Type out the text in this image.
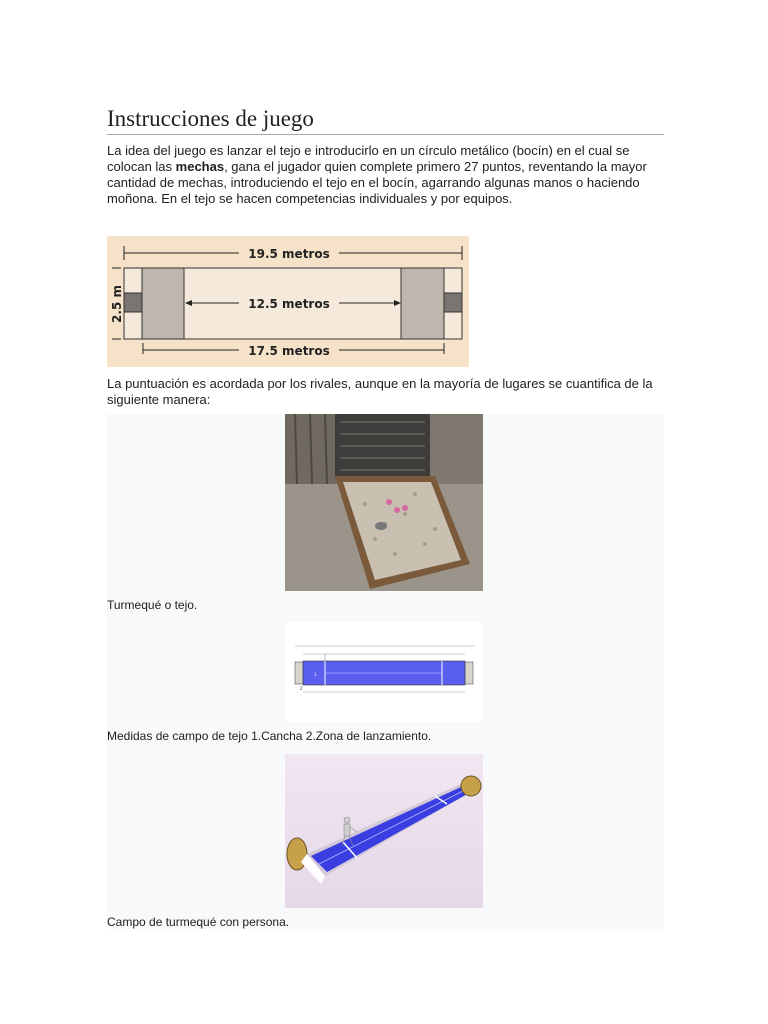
Instrucciones de juego

La idea del juego es lanzar el tejo e introducirlo en un círculo metálico (bocín) en el cual se colocan las mechas, gana el jugador quien complete primero 27 puntos, reventando la mayor cantidad de mechas, introduciendo el tejo en el bocín, agarrando algunas manos o haciendo moñona. En el tejo se hacen competencias individuales y por equipos.

19.5 metros
12.5 metros
17.5 metros
2.5 m

La puntuación es acordada por los rivales, aunque en la mayoría de lugares se cuantifica de la siguiente manera:

Turmequé o tejo.
1
2
Medidas de campo de tejo 1.Cancha 2.Zona de lanzamiento.
Campo de turmequé con persona.
